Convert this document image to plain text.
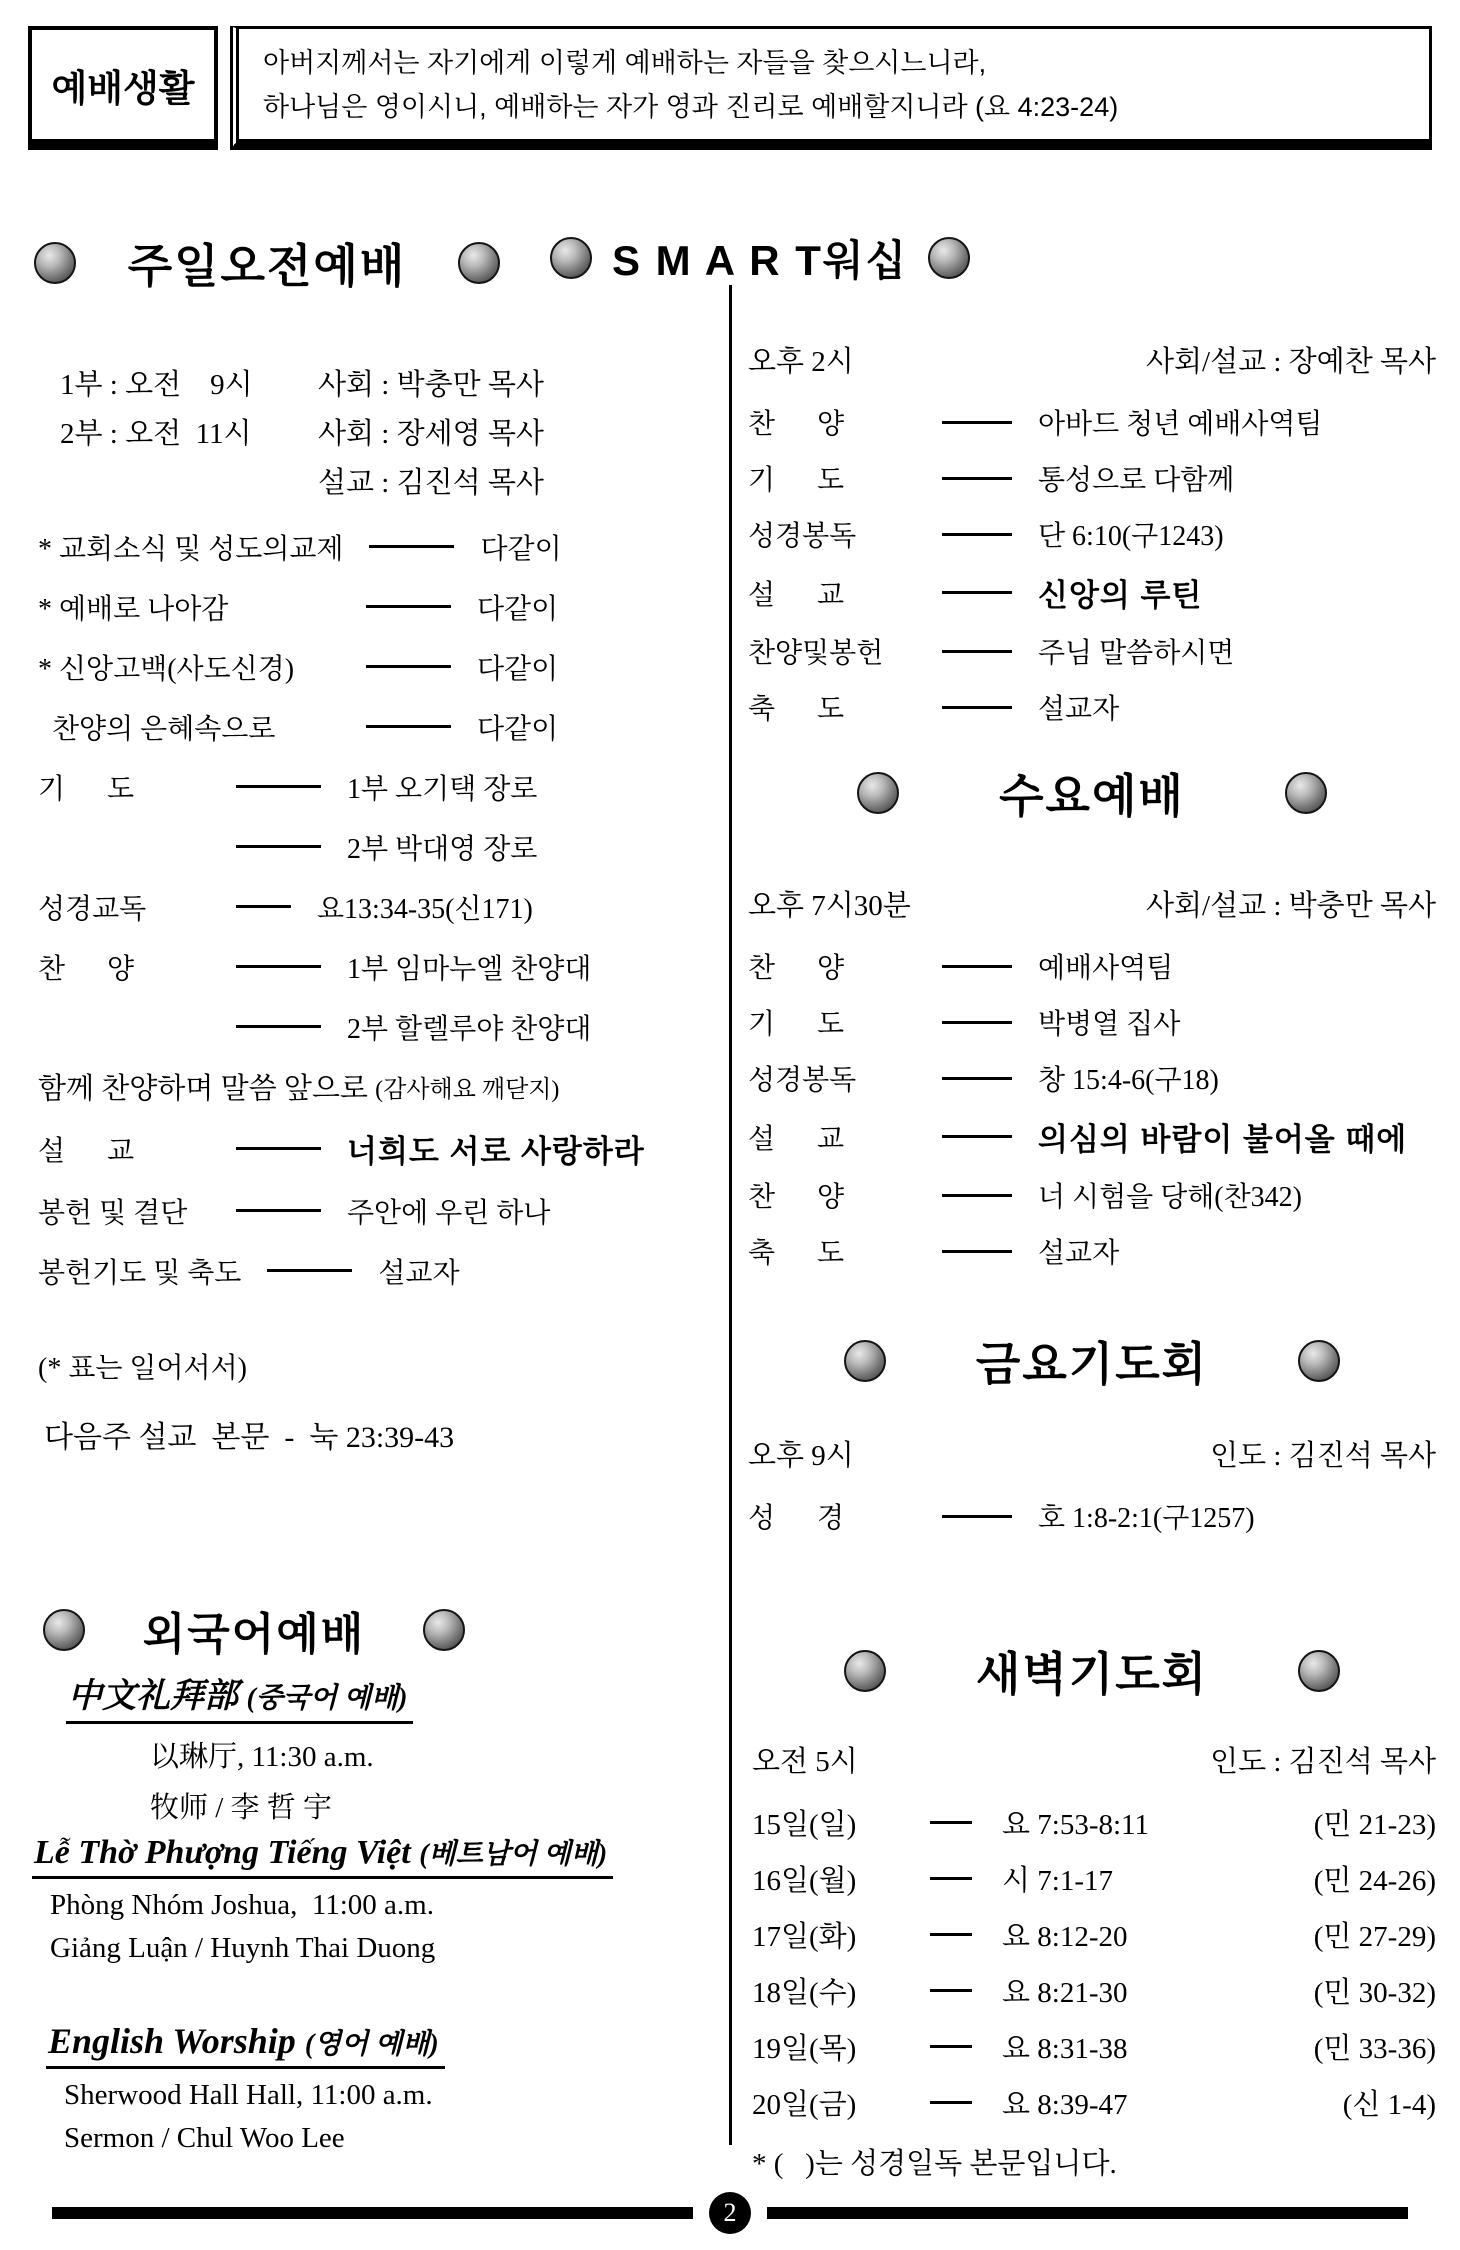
예배생활
아버지께서는 자기에게 이렇게 예배하는 자들을 찾으시느니라,
하나님은 영이시니, 예배하는 자가 영과 진리로 예배할지니라 (요 4:23-24)
주일오전예배
1부 : 오전    9시	사회 : 박충만 목사
2부 : 오전  11시	사회 : 장세영 목사
설교 : 김진석 목사
* 교회소식 및 성도의교제	다같이
* 예배로 나아감	다같이
* 신앙고백(사도신경)	다같이
찬양의 은혜속으로	다같이
기      도	1부 오기택 장로
2부 박대영 장로
성경교독	요13:34-35(신171)
찬      양	1부 임마누엘 찬양대
2부 할렐루야 찬양대
함께 찬양하며 말씀 앞으로 (감사해요 깨닫지)
설      교	너희도 서로 사랑하라
봉헌 및 결단	주안에 우린 하나
봉헌기도 및 축도	설교자
(* 표는 일어서서)
다음주 설교  본문  -  눅 23:39-43
외국어예배
中文礼拜部 (중국어 예배)
以琳厅, 11:30 a.m.
牧师 / 李 哲 宇
Lễ Thờ Phượng Tiếng Việt (베트남어 예배)
Phòng Nhóm Joshua,  11:00 a.m.
Giảng Luận / Huynh Thai Duong
English Worship (영어 예배)
Sherwood Hall Hall, 11:00 a.m.
Sermon / Chul Woo Lee
S M A R T워십
오후 2시	사회/설교 : 장예찬 목사
찬      양	아바드 청년 예배사역팀
기      도	통성으로 다함께
성경봉독	단 6:10(구1243)
설      교	신앙의 루틴
찬양및봉헌	주님 말씀하시면
축      도	설교자
수요예배
오후 7시30분	사회/설교 : 박충만 목사
찬      양	예배사역팀
기      도	박병열 집사
성경봉독	창 15:4-6(구18)
설      교	의심의 바람이 불어올 때에
찬      양	너 시험을 당해(찬342)
축      도	설교자
금요기도회
오후 9시	인도 : 김진석 목사
성      경	호 1:8-2:1(구1257)
새벽기도회
오전 5시	인도 : 김진석 목사
15일(일)	요 7:53-8:11	(민 21-23)
16일(월)	시 7:1-17	(민 24-26)
17일(화)	요 8:12-20	(민 27-29)
18일(수)	요 8:21-30	(민 30-32)
19일(목)	요 8:31-38	(민 33-36)
20일(금)	요 8:39-47	(신 1-4)
* (   )는 성경일독 본문입니다.
2
